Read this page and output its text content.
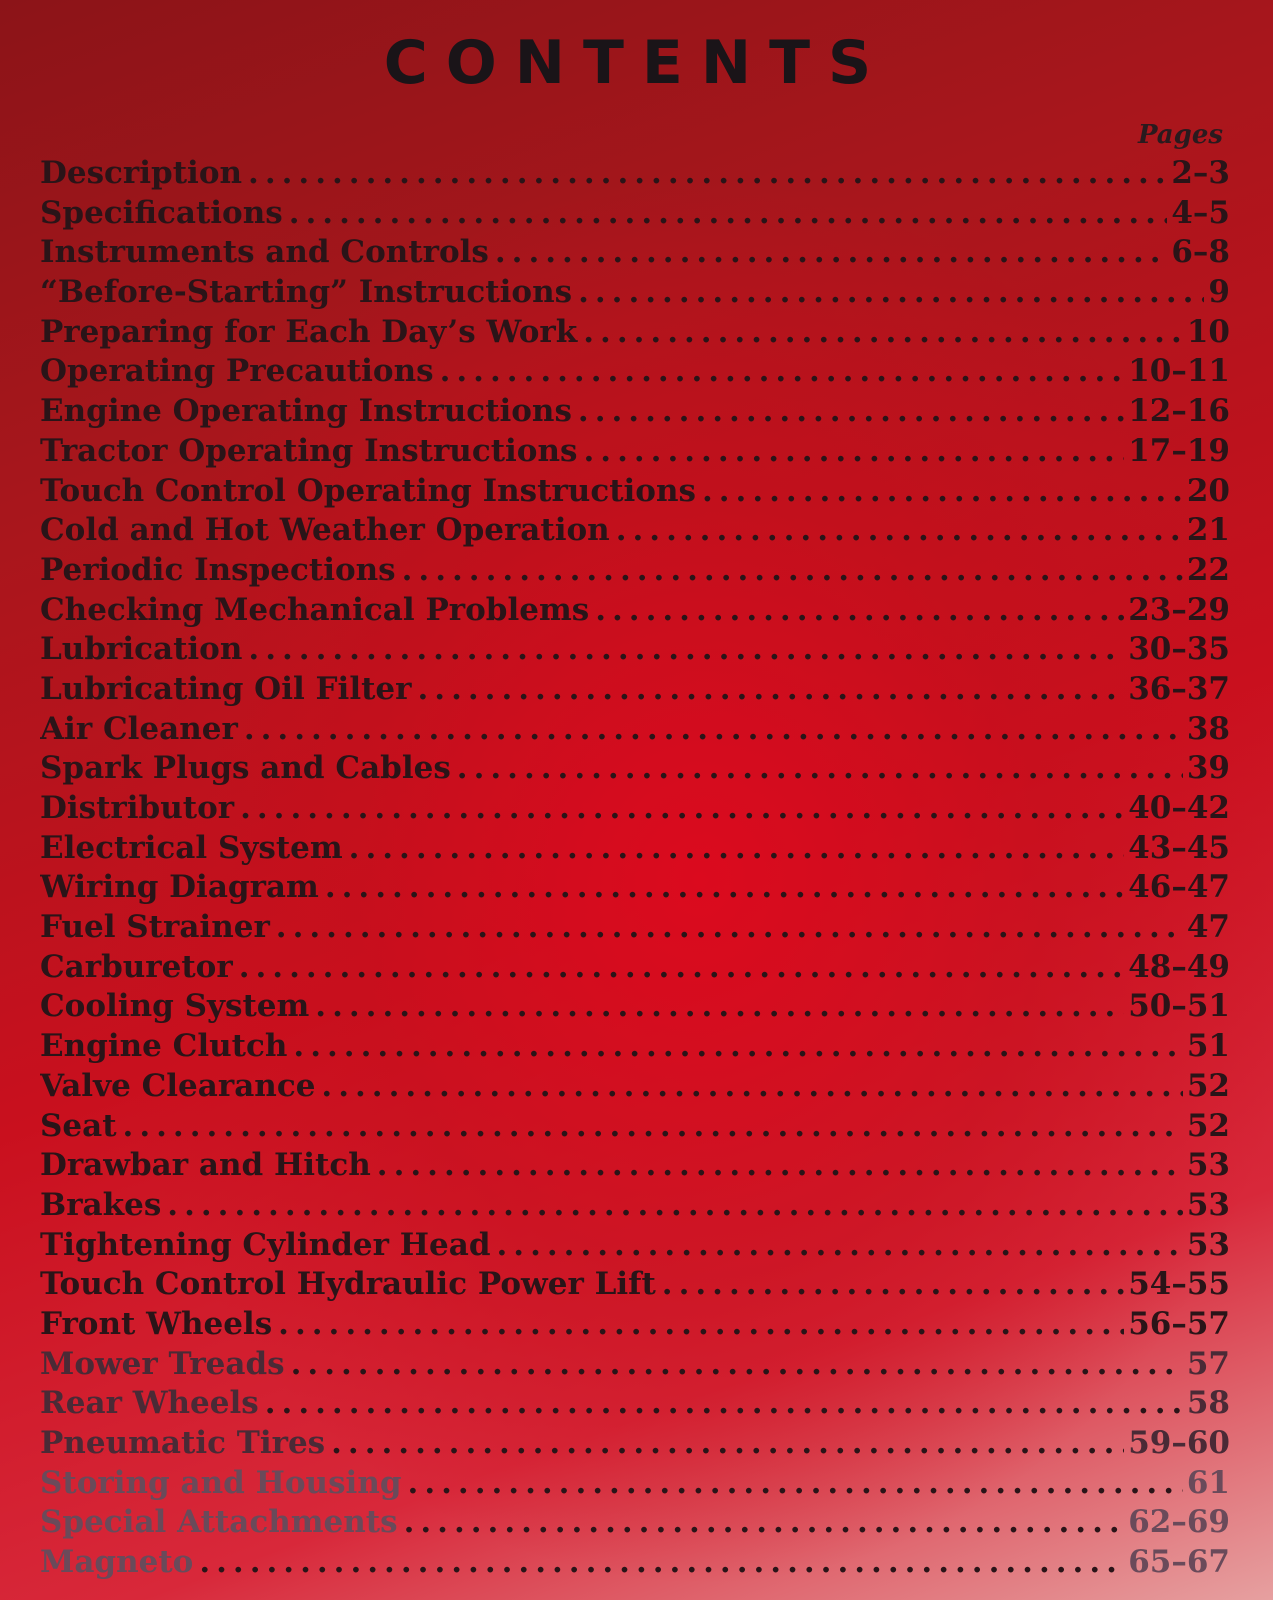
CONTENTS
Pages
Description .....	2–3
Specifications .....	4–5
Instruments and Controls .....	6–8
“Before-Starting” Instructions .....	9
Preparing for Each Day’s Work .....	10
Operating Precautions .....	10–11
Engine Operating Instructions .....	12–16
Tractor Operating Instructions .....	17–19
Touch Control Operating Instructions .....	20
Cold and Hot Weather Operation .....	21
Periodic Inspections .....	22
Checking Mechanical Problems .....	23–29
Lubrication .....	30–35
Lubricating Oil Filter .....	36–37
Air Cleaner .....	38
Spark Plugs and Cables .....	39
Distributor .....	40–42
Electrical System .....	43–45
Wiring Diagram .....	46–47
Fuel Strainer .....	47
Carburetor .....	48–49
Cooling System .....	50–51
Engine Clutch .....	51
Valve Clearance .....	52
Seat .....	52
Drawbar and Hitch .....	53
Brakes .....	53
Tightening Cylinder Head .....	53
Touch Control Hydraulic Power Lift .....	54–55
Front Wheels .....	56–57
Mower Treads .....	57
Rear Wheels .....	58
Pneumatic Tires .....	59–60
Storing and Housing .....	61
Special Attachments .....	62–69
Magneto .....	65–67
